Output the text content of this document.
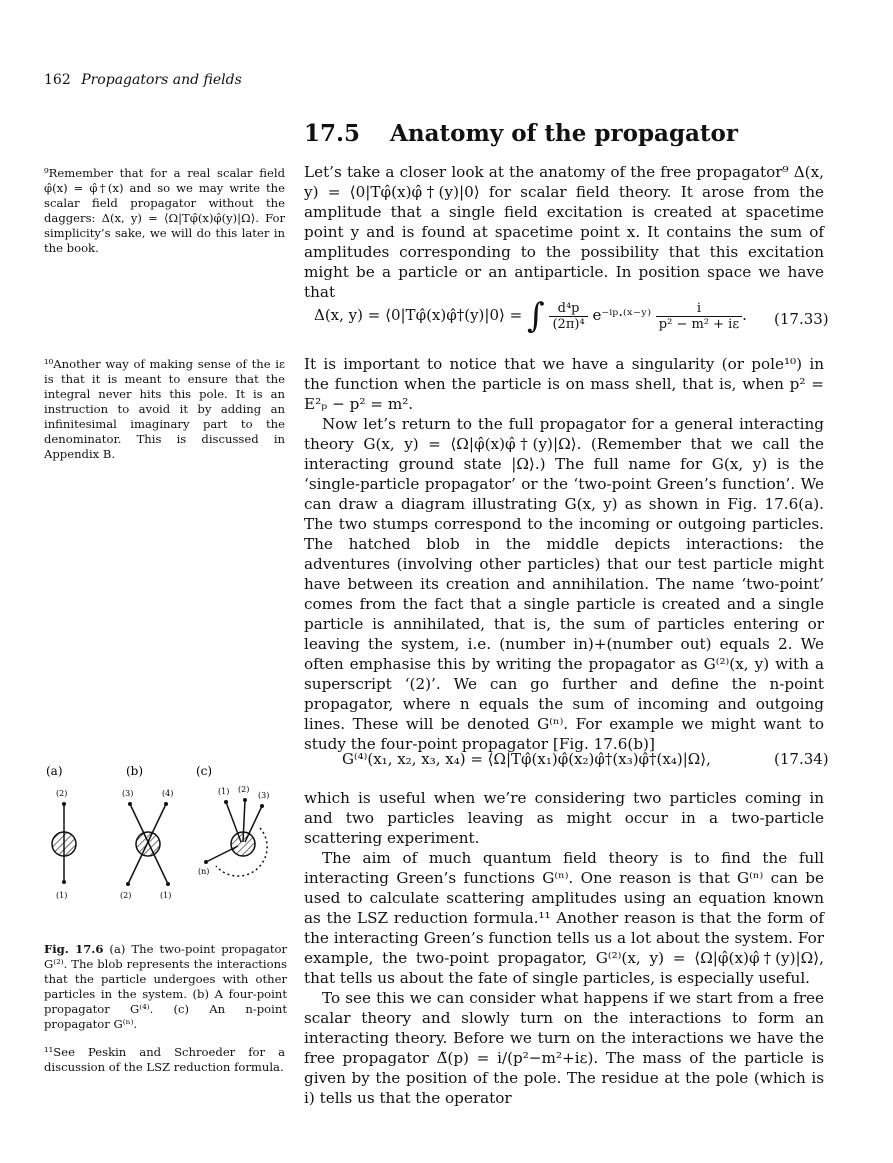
162 Propagators and fields
17.5 Anatomy of the propagator

⁹Remember that for a real scalar field φ̂(x) = φ̂†(x) and so we may write the scalar field propagator without the daggers: Δ(x, y) = ⟨Ω|Tφ̂(x)φ̂(y)|Ω⟩. For simplicity’s sake, we will do this later in the book.

Let’s take a closer look at the anatomy of the free propagator⁹ Δ(x, y) = ⟨0|Tφ̂(x)φ̂†(y)|0⟩ for scalar field theory. It arose from the amplitude that a single field excitation is created at spacetime point y and is found at spacetime point x. It contains the sum of amplitudes corresponding to the possibility that this excitation might be a particle or an antiparticle. In position space we have that

Δ(x, y) = ⟨0|Tφ̂(x)φ̂†(y)|0⟩ = ∫ $\frac{\text{d⁴p}}{\text{(2π)⁴}}$ e⁻ⁱᵖ·⁽ˣ⁻ʸ⁾ $\frac{i}{\text{p² − m² + iε}}$ . (17.33)

¹⁰Another way of making sense of the iε is that it is meant to ensure that the integral never hits this pole. It is an instruction to avoid it by adding an infinitesimal imaginary part to the denominator. This is discussed in Appendix B.

It is important to notice that we have a singularity (or pole¹⁰) in the function when the particle is on mass shell, that is, when p² = E²ₚ − p² = m².

Now let’s return to the full propagator for a general interacting theory G(x, y) = ⟨Ω|φ̂(x)φ̂†(y)|Ω⟩. (Remember that we call the interacting ground state |Ω⟩.) The full name for G(x, y) is the ‘single-particle propagator’ or the ‘two-point Green’s function’. We can draw a diagram illustrating G(x, y) as shown in Fig. 17.6(a). The two stumps correspond to the incoming or outgoing particles. The hatched blob in the middle depicts interactions: the adventures (involving other particles) that our test particle might have between its creation and annihilation. The name ‘two-point’ comes from the fact that a single particle is created and a single particle is annihilated, that is, the sum of particles entering or leaving the system, i.e. (number in)+(number out) equals 2. We often emphasise this by writing the propagator as G⁽²⁾(x, y) with a superscript ‘(2)’. We can go further and define the n-point propagator, where n equals the sum of incoming and outgoing lines. These will be denoted G⁽ⁿ⁾. For example we might want to study the four-point propagator [Fig. 17.6(b)]

G⁽⁴⁾(x₁, x₂, x₃, x₄) = ⟨Ω|Tφ̂(x₁)φ̂(x₂)φ̂†(x₃)φ̂†(x₄)|Ω⟩,	(17.34)

which is useful when we’re considering two particles coming in and two particles leaving as might occur in a two-particle scattering experiment.

The aim of much quantum field theory is to find the full interacting Green’s functions G⁽ⁿ⁾. One reason is that G⁽ⁿ⁾ can be used to calculate scattering amplitudes using an equation known as the LSZ reduction formula.¹¹ Another reason is that the form of the interacting Green’s function tells us a lot about the system. For example, the two-point propagator, G⁽²⁾(x, y) = ⟨Ω|φ̂(x)φ̂†(y)|Ω⟩, that tells us about the fate of single particles, is especially useful.

To see this we can consider what happens if we start from a free scalar theory and slowly turn on the interactions to form an interacting theory. Before we turn on the interactions we have the free propagator Δ̃(p) = i/(p²−m²+iε). The mass of the particle is given by the position of the pole. The residue at the pole (which is i) tells us that the operator

(a)	(b)	(c)
(2)
(1)
(3)	(4)
(2)	(1)
(1) (2)
(3)
(n)
Fig. 17.6 (a) The two-point propagator G⁽²⁾. The blob represents the interactions that the particle undergoes with other particles in the system. (b) A four-point propagator G⁽⁴⁾. (c) An n-point propagator G⁽ⁿ⁾.

¹¹See Peskin and Schroeder for a discussion of the LSZ reduction formula.
